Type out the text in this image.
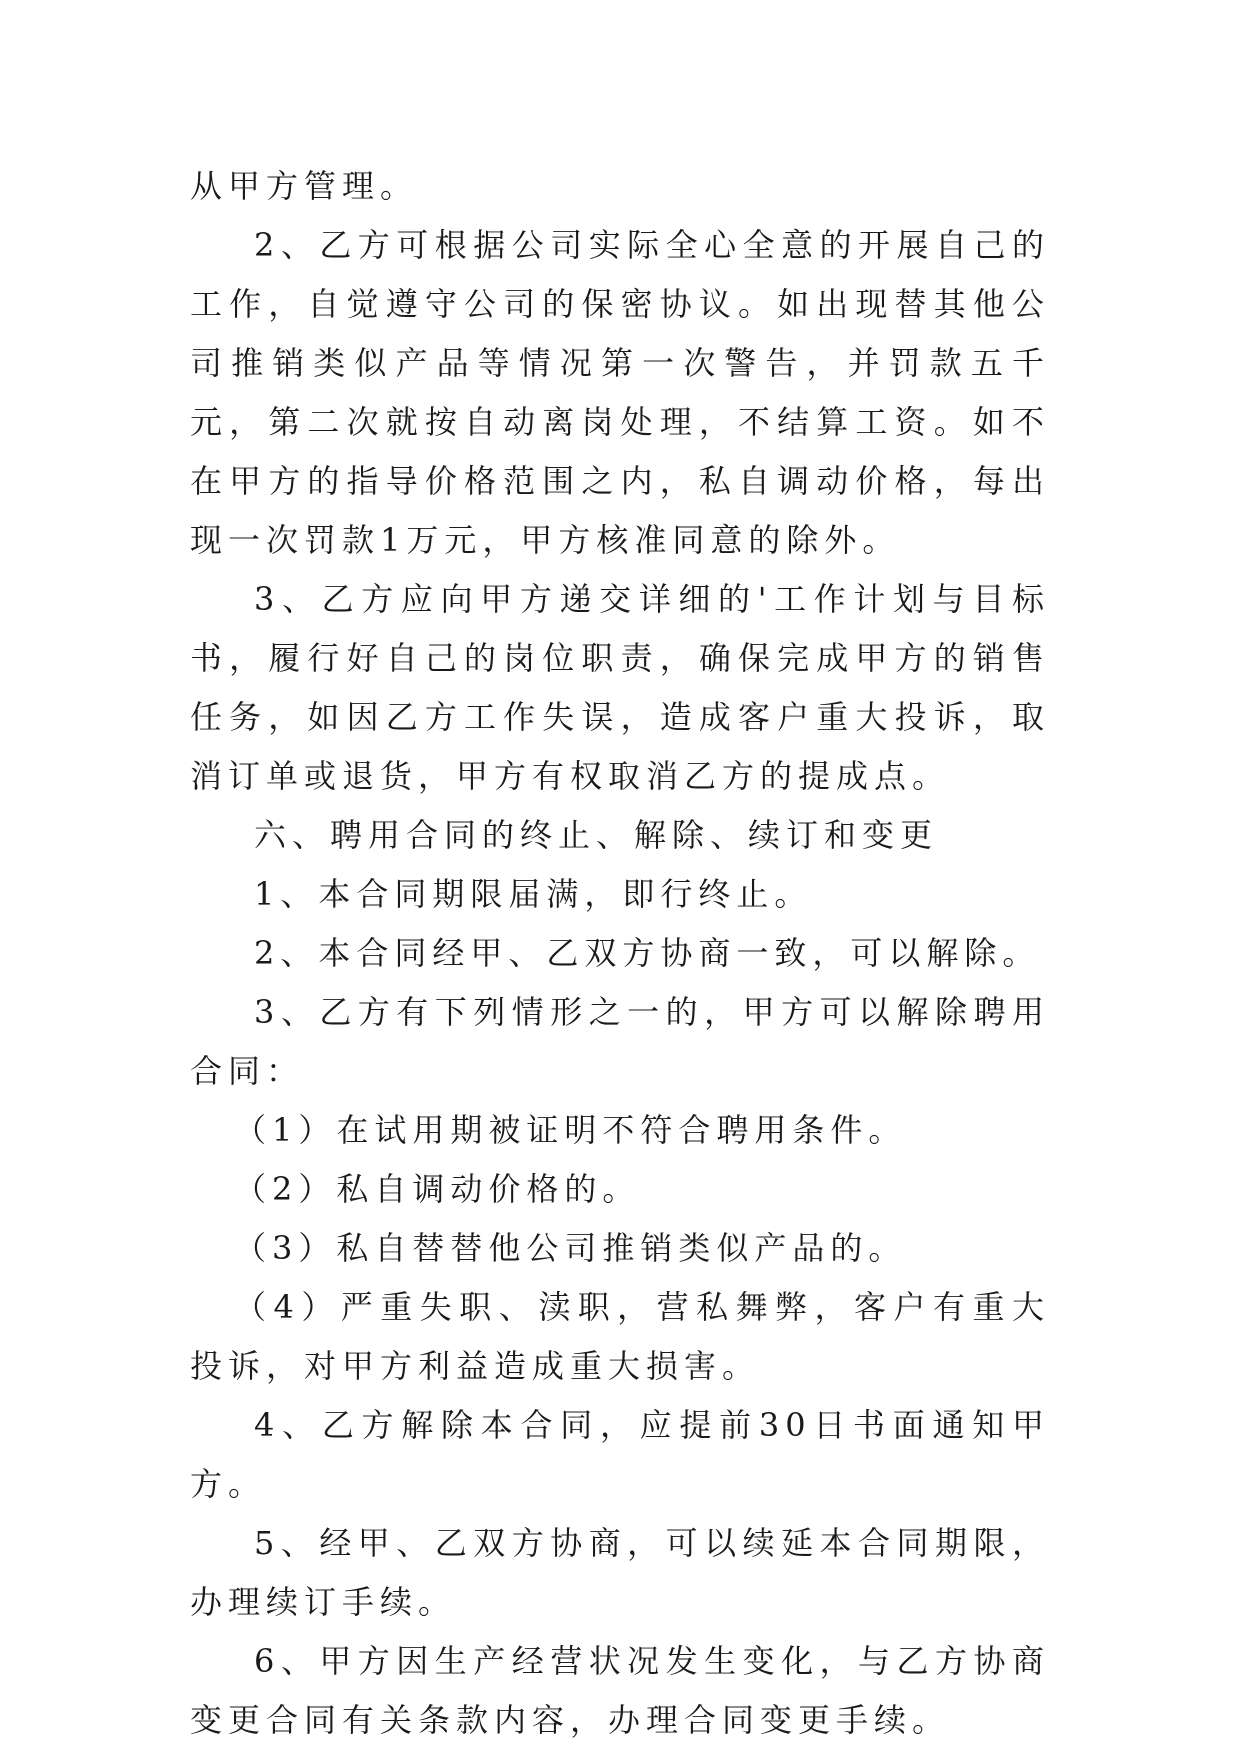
从甲方管理。

2、乙方可根据公司实际全心全意的开展自己的工作，自觉遵守公司的保密协议。如出现替其他公司推销类似产品等情况第一次警告，并罚款五千元，第二次就按自动离岗处理，不结算工资。如不在甲方的指导价格范围之内，私自调动价格，每出现一次罚款1万元，甲方核准同意的除外。

3、乙方应向甲方递交详细的'工作计划与目标书，履行好自己的岗位职责，确保完成甲方的销售任务，如因乙方工作失误，造成客户重大投诉，取消订单或退货，甲方有权取消乙方的提成点。

六、聘用合同的终止、解除、续订和变更

1、本合同期限届满，即行终止。

2、本合同经甲、乙双方协商一致，可以解除。

3、乙方有下列情形之一的，甲方可以解除聘用合同：

（1）在试用期被证明不符合聘用条件。

（2）私自调动价格的。

（3）私自替替他公司推销类似产品的。

（4）严重失职、渎职，营私舞弊，客户有重大投诉，对甲方利益造成重大损害。

4、乙方解除本合同，应提前30日书面通知甲方。

5、经甲、乙双方协商，可以续延本合同期限，办理续订手续。

6、甲方因生产经营状况发生变化，与乙方协商变更合同有关条款内容，办理合同变更手续。
